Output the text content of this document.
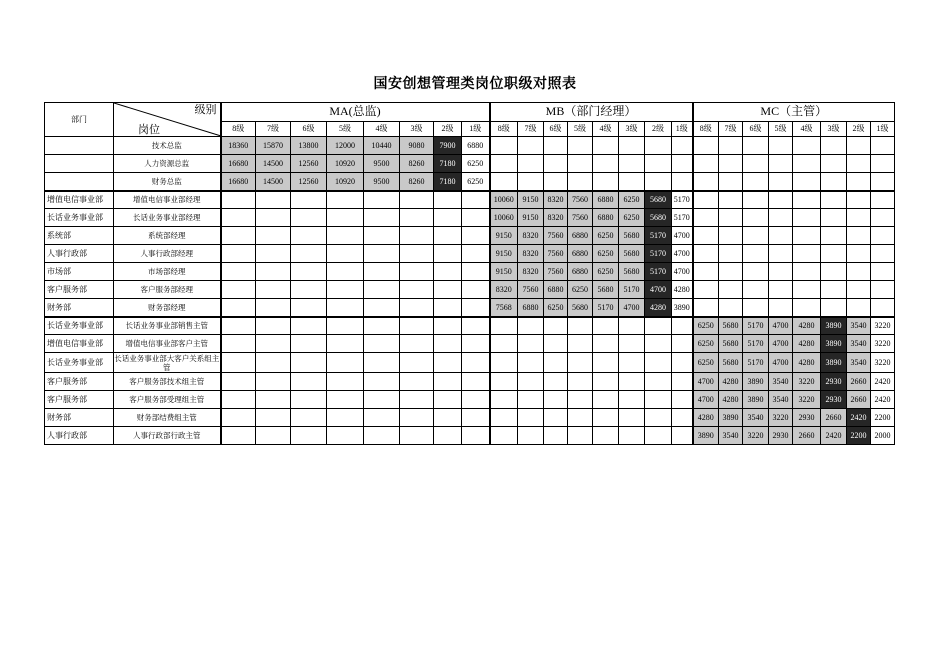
国安创想管理类岗位职级对照表
部门	级别
岗位	MA(总监)								MB（部门经理）								MC（主管）							
		8级	7级	6级	5级	4级	3级	2级	1级	8级	7级	6级	5级	4级	3级	2级	1级	8级	7级	6级	5级	4级	3级	2级	1级
	技术总监	18360	15870	13800	12000	10440	9080	7900	6880																
	人力资源总监	16680	14500	12560	10920	9500	8260	7180	6250																
	财务总监	16680	14500	12560	10920	9500	8260	7180	6250																
增值电信事业部	增值电信事业部经理									10060	9150	8320	7560	6880	6250	5680	5170								
长话业务事业部	长话业务事业部经理									10060	9150	8320	7560	6880	6250	5680	5170								
系统部	系统部经理									9150	8320	7560	6880	6250	5680	5170	4700								
人事行政部	人事行政部经理									9150	8320	7560	6880	6250	5680	5170	4700								
市场部	市场部经理									9150	8320	7560	6880	6250	5680	5170	4700								
客户服务部	客户服务部经理									8320	7560	6880	6250	5680	5170	4700	4280								
财务部	财务部经理									7568	6880	6250	5680	5170	4700	4280	3890								
长话业务事业部	长话业务事业部销售主管																	6250	5680	5170	4700	4280	3890	3540	3220
增值电信事业部	增值电信事业部客户主管																	6250	5680	5170	4700	4280	3890	3540	3220
长话业务事业部	长话业务事业部大客户关系组主管																	6250	5680	5170	4700	4280	3890	3540	3220
客户服务部	客户服务部技术组主管																	4700	4280	3890	3540	3220	2930	2660	2420
客户服务部	客户服务部受理组主管																	4700	4280	3890	3540	3220	2930	2660	2420
财务部	财务部结费组主管																	4280	3890	3540	3220	2930	2660	2420	2200
人事行政部	人事行政部行政主管																	3890	3540	3220	2930	2660	2420	2200	2000
